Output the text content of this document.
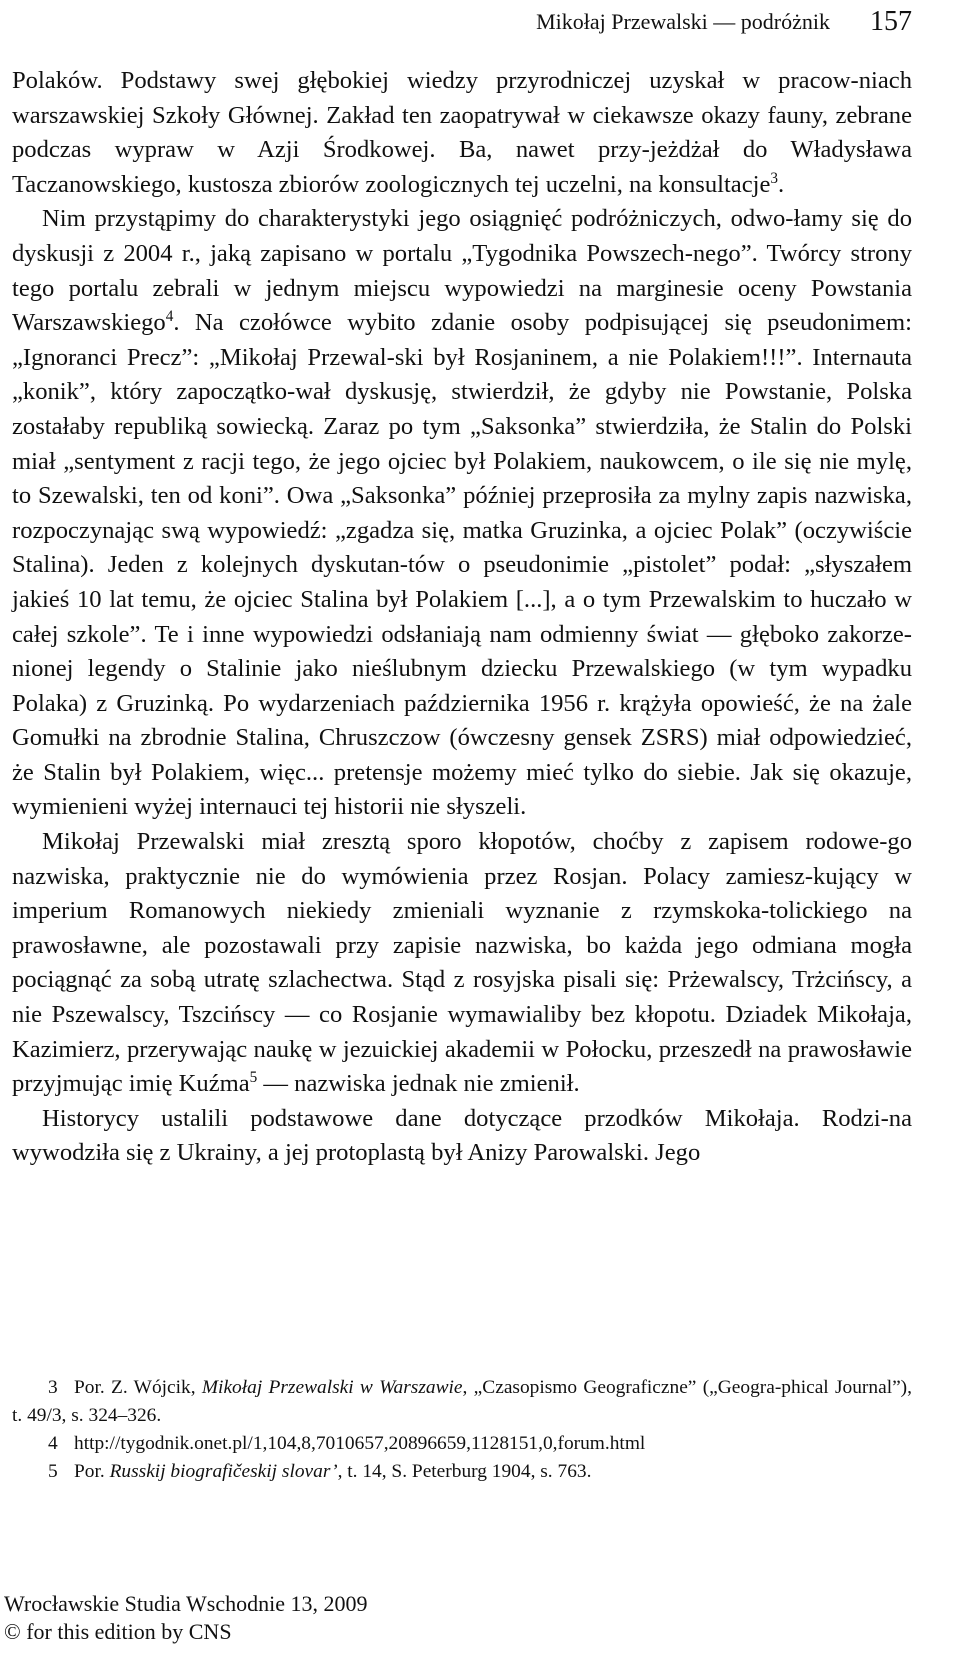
Mikołaj Przewalski — podróżnik 157

Polaków. Podstawy swej głębokiej wiedzy przyrodniczej uzyskał w pracow-niach warszawskiej Szkoły Głównej. Zakład ten zaopatrywał w ciekawsze okazy fauny, zebrane podczas wypraw w Azji Środkowej. Ba, nawet przy-jeżdżał do Władysława Taczanowskiego, kustosza zbiorów zoologicznych tej uczelni, na konsultacje$^3$.

Nim przystąpimy do charakterystyki jego osiągnięć podróżniczych, odwo-łamy się do dyskusji z 2004 r., jaką zapisano w portalu „Tygodnika Powszech-nego”. Twórcy strony tego portalu zebrali w jednym miejscu wypowiedzi na marginesie oceny Powstania Warszawskiego$^4$. Na czołówce wybito zdanie osoby podpisującej się pseudonimem: „Ignoranci Precz”: „Mikołaj Przewal-ski był Rosjaninem, a nie Polakiem!!!”. Internauta „konik”, który zapoczątko-wał dyskusję, stwierdził, że gdyby nie Powstanie, Polska zostałaby republiką sowiecką. Zaraz po tym „Saksonka” stwierdziła, że Stalin do Polski miał „sentyment z racji tego, że jego ojciec był Polakiem, naukowcem, o ile się nie mylę, to Szewalski, ten od koni”. Owa „Saksonka” później przeprosiła za mylny zapis nazwiska, rozpoczynając swą wypowiedź: „zgadza się, matka Gruzinka, a ojciec Polak” (oczywiście Stalina). Jeden z kolejnych dyskutan-tów o pseudonimie „pistolet” podał: „słyszałem jakieś 10 lat temu, że ojciec Stalina był Polakiem [...], a o tym Przewalskim to huczało w całej szkole”. Te i inne wypowiedzi odsłaniają nam odmienny świat — głęboko zakorze-nionej legendy o Stalinie jako nieślubnym dziecku Przewalskiego (w tym wypadku Polaka) z Gruzinką. Po wydarzeniach października 1956 r. krążyła opowieść, że na żale Gomułki na zbrodnie Stalina, Chruszczow (ówczesny gensek ZSRS) miał odpowiedzieć, że Stalin był Polakiem, więc... pretensje możemy mieć tylko do siebie. Jak się okazuje, wymienieni wyżej internauci tej historii nie słyszeli.

Mikołaj Przewalski miał zresztą sporo kłopotów, choćby z zapisem rodowe-go nazwiska, praktycznie nie do wymówienia przez Rosjan. Polacy zamiesz-kujący w imperium Romanowych niekiedy zmieniali wyznanie z rzymskoka-tolickiego na prawosławne, ale pozostawali przy zapisie nazwiska, bo każda jego odmiana mogła pociągnąć za sobą utratę szlachectwa. Stąd z rosyjska pisali się: Prżewalscy, Trżcińscy, a nie Pszewalscy, Tszcińscy — co Rosjanie wymawialiby bez kłopotu. Dziadek Mikołaja, Kazimierz, przerywając naukę w jezuickiej akademii w Połocku, przeszedł na prawosławie przyjmując imię Kuźma$^5$ — nazwiska jednak nie zmienił.

Historycy ustalili podstawowe dane dotyczące przodków Mikołaja. Rodzi-na wywodziła się z Ukrainy, a jej protoplastą był Anizy Parowalski. Jego

3 Por. Z. Wójcik, Mikołaj Przewalski w Warszawie, „Czasopismo Geograficzne” („Geogra-phical Journal”), t. 49/3, s. 324–326.

4 http://tygodnik.onet.pl/1,104,8,7010657,20896659,1128151,0,forum.html

5 Por. Russkij biografičeskij slovar’, t. 14, S. Peterburg 1904, s. 763.

Wrocławskie Studia Wschodnie 13, 2009
© for this edition by CNS
